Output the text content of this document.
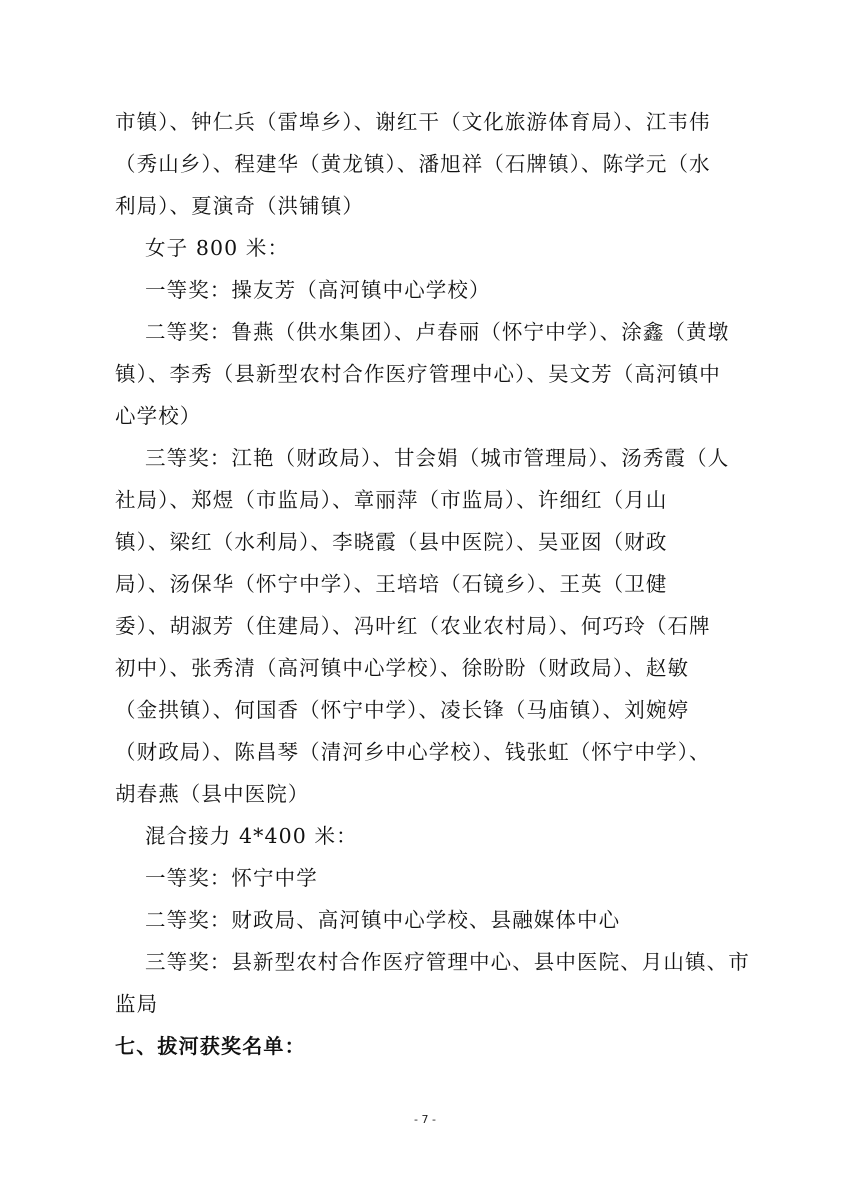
市镇）、钟仁兵（雷埠乡）、谢红干（文化旅游体育局）、江韦伟
（秀山乡）、程建华（黄龙镇）、潘旭祥（石牌镇）、陈学元（水
利局）、夏演奇（洪铺镇）
女子 800 米：
一等奖：操友芳（高河镇中心学校）
二等奖：鲁燕（供水集团）、卢春丽（怀宁中学）、涂鑫（黄墩
镇）、李秀（县新型农村合作医疗管理中心）、吴文芳（高河镇中
心学校）
三等奖：江艳（财政局）、甘会娟（城市管理局）、汤秀霞（人
社局）、郑煜（市监局）、章丽萍（市监局）、许细红（月山
镇）、梁红（水利局）、李晓霞（县中医院）、吴亚囡（财政
局）、汤保华（怀宁中学）、王培培（石镜乡）、王英（卫健
委）、胡淑芳（住建局）、冯叶红（农业农村局）、何巧玲（石牌
初中）、张秀清（高河镇中心学校）、徐盼盼（财政局）、赵敏
（金拱镇）、何国香（怀宁中学）、凌长锋（马庙镇）、刘婉婷
（财政局）、陈昌琴（清河乡中心学校）、钱张虹（怀宁中学）、
胡春燕（县中医院）
混合接力 4*400 米：
一等奖：怀宁中学
二等奖：财政局、高河镇中心学校、县融媒体中心
三等奖：县新型农村合作医疗管理中心、县中医院、月山镇、市
监局
七、拔河获奖名单：
- 7 -
